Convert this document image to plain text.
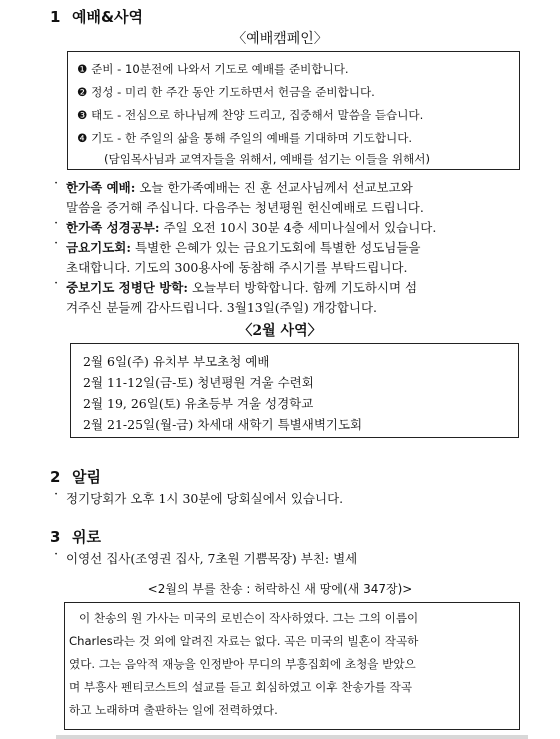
1 예배&사역
〈예배캠페인〉
❶ 준비 - 10분전에 나와서 기도로 예배를 준비합니다.
❷ 정성 - 미리 한 주간 동안 기도하면서 헌금을 준비합니다.
❸ 태도 - 전심으로 하나님께 찬양 드리고, 집중해서 말씀을 듣습니다.
❹ 기도 - 한 주일의 삶을 통해 주일의 예배를 기대하며 기도합니다.
(담임목사님과 교역자들을 위해서, 예배를 섬기는 이들을 위해서)
· 한가족 예배: 오늘 한가족예배는 진 훈 선교사님께서 선교보고와
말씀을 증거해 주십니다. 다음주는 청년평원 헌신예배로 드립니다.
· 한가족 성경공부: 주일 오전 10시 30분 4층 세미나실에서 있습니다.
· 금요기도회: 특별한 은혜가 있는 금요기도회에 특별한 성도님들을
초대합니다. 기도의 300용사에 동참해 주시기를 부탁드립니다.
· 중보기도 정병단 방학: 오늘부터 방학합니다. 함께 기도하시며 섬
겨주신 분들께 감사드립니다. 3월13일(주일) 개강합니다.
〈2월 사역〉
2월 6일(주) 유치부 부모초청 예배
2월 11-12일(금-토) 청년평원 겨울 수련회
2월 19, 26일(토) 유초등부 겨울 성경학교
2월 21-25일(월-금) 차세대 새학기 특별새벽기도회
2 알림
· 정기당회가 오후 1시 30분에 당회실에서 있습니다.
3 위로
· 이영선 집사(조영권 집사, 7초원 기쁨목장) 부친: 별세
<2월의 부를 찬송 : 허락하신 새 땅에(새 347장)>
이 찬송의 원 가사는 미국의 로빈슨이 작사하였다. 그는 그의 이름이
Charles라는 것 외에 알려진 자료는 없다. 곡은 미국의 빌혼이 작곡하
였다. 그는 음악적 재능을 인정받아 무디의 부흥집회에 초청을 받았으
며 부흥사 펜티코스트의 설교를 듣고 회심하였고 이후 찬송가를 작곡
하고 노래하며 출판하는 일에 전력하였다.
